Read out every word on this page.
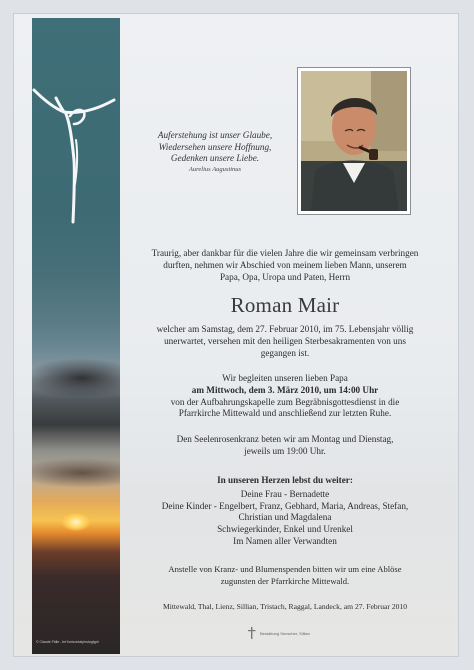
© Claude Fälle - be'horizontalphotoglyph
Auferstehung ist unser Glaube,
Wiedersehen unsere Hoffnung,
Gedenken unsere Liebe.
Aurelius Augustinus

Traurig, aber dankbar für die vielen Jahre die wir gemeinsam verbringen

durften, nehmen wir Abschied von meinem lieben Mann, unserem

Papa, Opa, Uropa und Paten, Herrn

Roman Mair

welcher am Samstag, dem 27. Februar 2010, im 75. Lebensjahr völlig

unerwartet, versehen mit den heiligen Sterbesakramenten von uns

gegangen ist.

Wir begleiten unseren lieben Papa

am Mittwoch, dem 3. März 2010, um 14:00 Uhr

von der Aufbahrungskapelle zum Begräbnisgottesdienst in die

Pfarrkirche Mittewald und anschließend zur letzten Ruhe.

Den Seelenrosenkranz beten wir am Montag und Dienstag,

jeweils um 19:00 Uhr.

In unseren Herzen lebst du weiter:

Deine Frau - Bernadette

Deine Kinder - Engelbert, Franz, Gebhard, Maria, Andreas, Stefan,

Christian und Magdalena

Schwiegerkinder, Enkel und Urenkel

Im Namen aller Verwandten

Anstelle von Kranz- und Blumenspenden bitten wir um eine Ablöse

zugunsten der Pfarrkirche Mittewald.

Mittewald, Thal, Lienz, Sillian, Tristach, Raggal, Landeck, am 27. Februar 2010

Bestattung Senscher, Sillian
